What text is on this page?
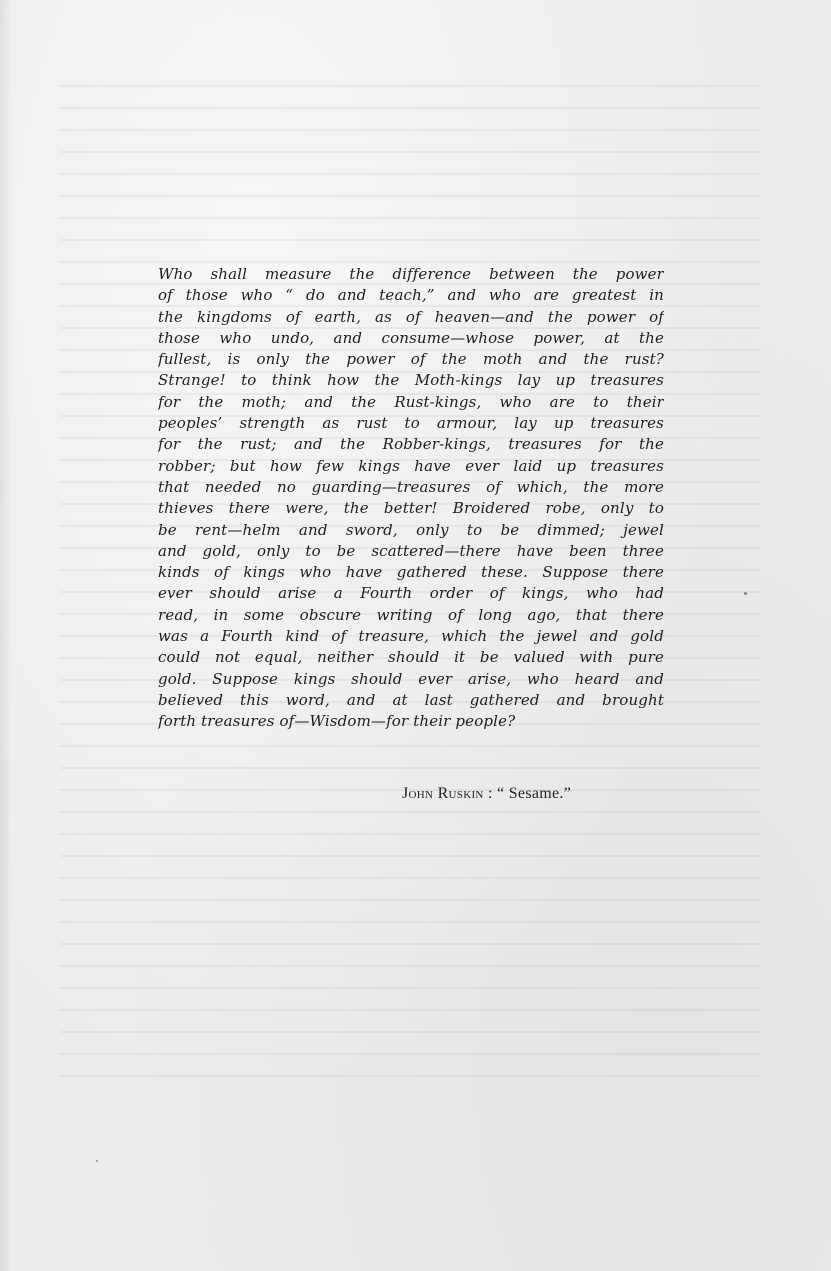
Who shall measure the difference between the power
of those who “ do and teach,” and who are greatest in
the kingdoms of earth, as of heaven—and the power of
those who undo, and consume—whose power, at the
fullest, is only the power of the moth and the rust?
Strange! to think how the Moth-kings lay up treasures
for the moth; and the Rust-kings, who are to their
peoples’ strength as rust to armour, lay up treasures
for the rust; and the Robber-kings, treasures for the
robber; but how few kings have ever laid up treasures
that needed no guarding—treasures of which, the more
thieves there were, the better! Broidered robe, only to
be rent—helm and sword, only to be dimmed; jewel
and gold, only to be scattered—there have been three
kinds of kings who have gathered these. Suppose there
ever should arise a Fourth order of kings, who had
read, in some obscure writing of long ago, that there
was a Fourth kind of treasure, which the jewel and gold
could not equal, neither should it be valued with pure
gold. Suppose kings should ever arise, who heard and
believed this word, and at last gathered and brought
forth treasures of—Wisdom—for their people?
John Ruskin : “ Sesame.”
